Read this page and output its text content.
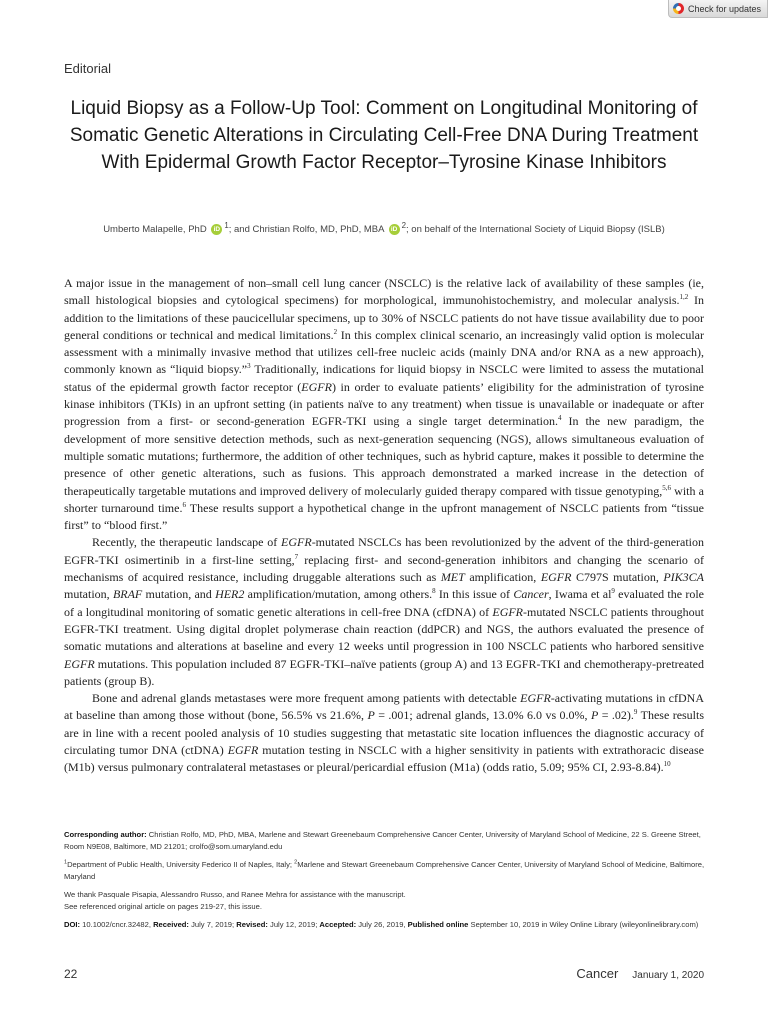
Check for updates
Editorial
Liquid Biopsy as a Follow-Up Tool: Comment on Longitudinal Monitoring of Somatic Genetic Alterations in Circulating Cell-Free DNA During Treatment With Epidermal Growth Factor Receptor–Tyrosine Kinase Inhibitors
Umberto Malapelle, PhD iD $^1$; and Christian Rolfo, MD, PhD, MBA iD $^2$; on behalf of the International Society of Liquid Biopsy (ISLB)

A major issue in the management of non–small cell lung cancer (NSCLC) is the relative lack of availability of these samples (ie, small histological biopsies and cytological specimens) for morphological, immunohistochemistry, and molecular analysis.$^{1,2}$ In addition to the limitations of these paucicellular specimens, up to 30% of NSCLC patients do not have tissue availability due to poor general conditions or technical and medical limitations.$^2$ In this complex clinical scenario, an increasingly valid option is molecular assessment with a minimally invasive method that utilizes cell-free nucleic acids (mainly DNA and/or RNA as a new approach), commonly known as “liquid biopsy.”$^3$ Traditionally, indications for liquid biopsy in NSCLC were limited to assess the mutational status of the epidermal growth factor receptor (EGFR) in order to evaluate patients’ eligibility for the administration of tyrosine kinase inhibitors (TKIs) in an upfront setting (in patients naïve to any treatment) when tissue is unavailable or inadequate or after progression from a first- or second-generation EGFR-TKI using a single target determination.$^4$ In the new paradigm, the development of more sensitive detection methods, such as next-generation sequencing (NGS), allows simultaneous evaluation of multiple somatic mutations; furthermore, the addition of other techniques, such as hybrid capture, makes it possible to determine the presence of other genetic alterations, such as fusions. This approach demonstrated a marked increase in the detection of therapeutically targetable mutations and improved delivery of molecularly guided therapy compared with tissue genotyping,$^{5,6}$ with a shorter turnaround time.$^6$ These results support a hypothetical change in the upfront management of NSCLC patients from “tissue first” to “blood first.”

Recently, the therapeutic landscape of EGFR-mutated NSCLCs has been revolutionized by the advent of the third-generation EGFR-TKI osimertinib in a first-line setting,$^7$ replacing first- and second-generation inhibitors and changing the scenario of mechanisms of acquired resistance, including druggable alterations such as MET amplification, EGFR C797S mutation, PIK3CA mutation, BRAF mutation, and HER2 amplification/mutation, among others.$^8$ In this issue of Cancer, Iwama et $al^9$ evaluated the role of a longitudinal monitoring of somatic genetic alterations in cell-free DNA (cfDNA) of EGFR-mutated NSCLC patients throughout EGFR-TKI treatment. Using digital droplet polymerase chain reaction (ddPCR) and NGS, the authors evaluated the presence of somatic mutations and alterations at baseline and every 12 weeks until progression in 100 NSCLC patients who harbored sensitive EGFR mutations. This population included 87 EGFR-TKI–naïve patients (group A) and 13 EGFR-TKI and chemotherapy-pretreated patients (group B).

Bone and adrenal glands metastases were more frequent among patients with detectable EGFR-activating mutations in cfDNA at baseline than among those without (bone, 56.5% vs 21.6%, P = .001; adrenal glands, 13.0% 6.0 vs 0.0%, P = .02).$^9$ These results are in line with a recent pooled analysis of 10 studies suggesting that metastatic site location influences the diagnostic accuracy of circulating tumor DNA (ctDNA) EGFR mutation testing in NSCLC with a higher sensitivity in patients with extrathoracic disease (M1b) versus pulmonary contralateral metastases or pleural/pericardial effusion (M1a) (odds ratio, 5.09; 95% CI, 2.93-8.84).$^{10}$

Corresponding author: Christian Rolfo, MD, PhD, MBA, Marlene and Stewart Greenebaum Comprehensive Cancer Center, University of Maryland School of Medicine, 22 S. Greene Street, Room N9E08, Baltimore, MD 21201; crolfo@som.umaryland.edu

$^1$Department of Public Health, University Federico II of Naples, Italy; $^2$Marlene and Stewart Greenebaum Comprehensive Cancer Center, University of Maryland School of Medicine, Baltimore, Maryland

We thank Pasquale Pisapia, Alessandro Russo, and Ranee Mehra for assistance with the manuscript.

See referenced original article on pages 219-27, this issue.

DOI: 10.1002/cncr.32482, Received: July 7, 2019; Revised: July 12, 2019; Accepted: July 26, 2019, Published online September 10, 2019 in Wiley Online Library (wileyonlinelibrary.com)

22	Cancer January 1, 2020
